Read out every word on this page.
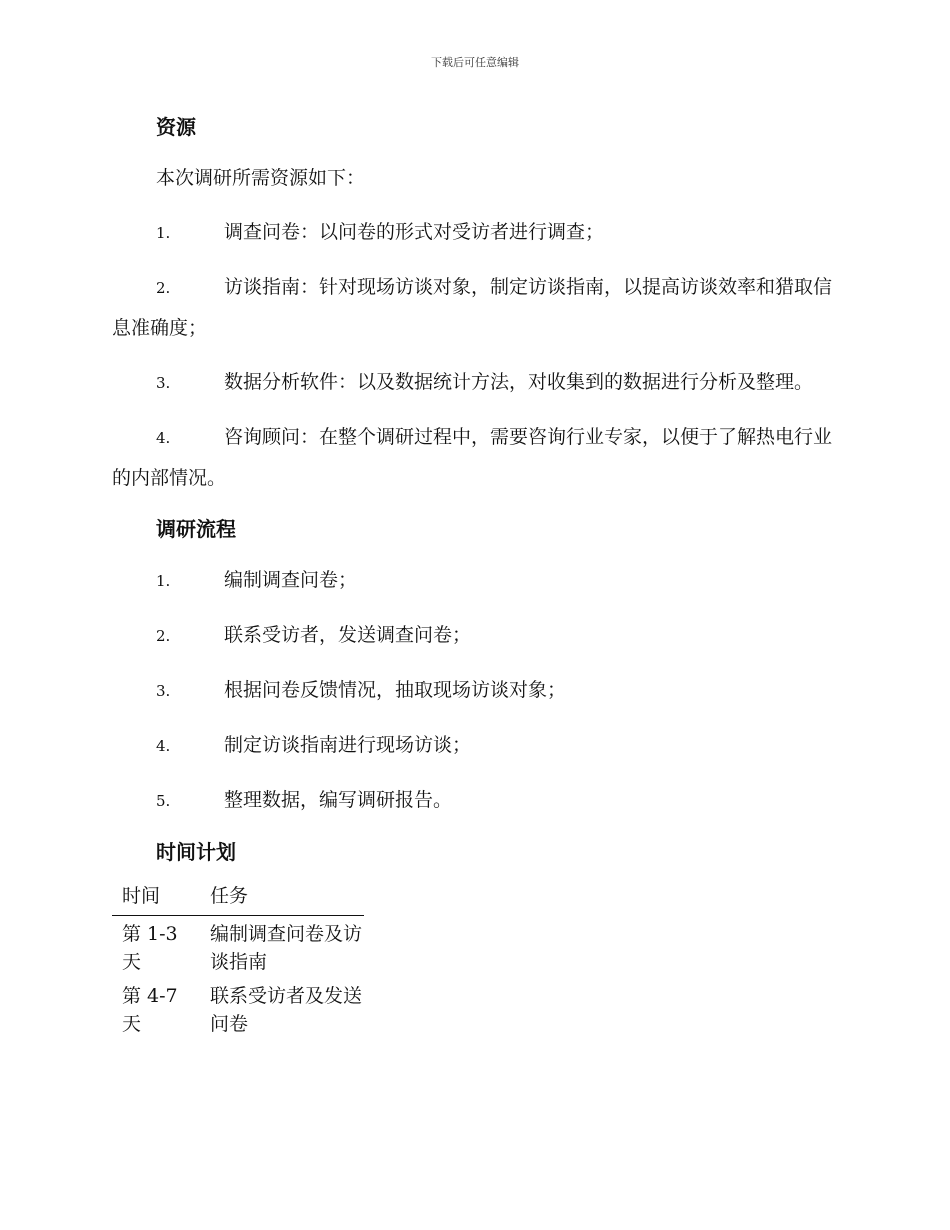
下载后可任意编辑
资源
本次调研所需资源如下：
1.	调查问卷：以问卷的形式对受访者进行调查；
2.	访谈指南：针对现场访谈对象，制定访谈指南，以提高访谈效率和猎取信息准确度；
3.	数据分析软件：以及数据统计方法，对收集到的数据进行分析及整理。
4.	咨询顾问：在整个调研过程中，需要咨询行业专家，以便于了解热电行业的内部情况。
调研流程
1.	编制调查问卷；
2.	联系受访者，发送调查问卷；
3.	根据问卷反馈情况，抽取现场访谈对象；
4.	制定访谈指南进行现场访谈；
5.	整理数据，编写调研报告。
时间计划
时间	任务
第 1-3 天	编制调查问卷及访谈指南
第 4-7 天	联系受访者及发送问卷
